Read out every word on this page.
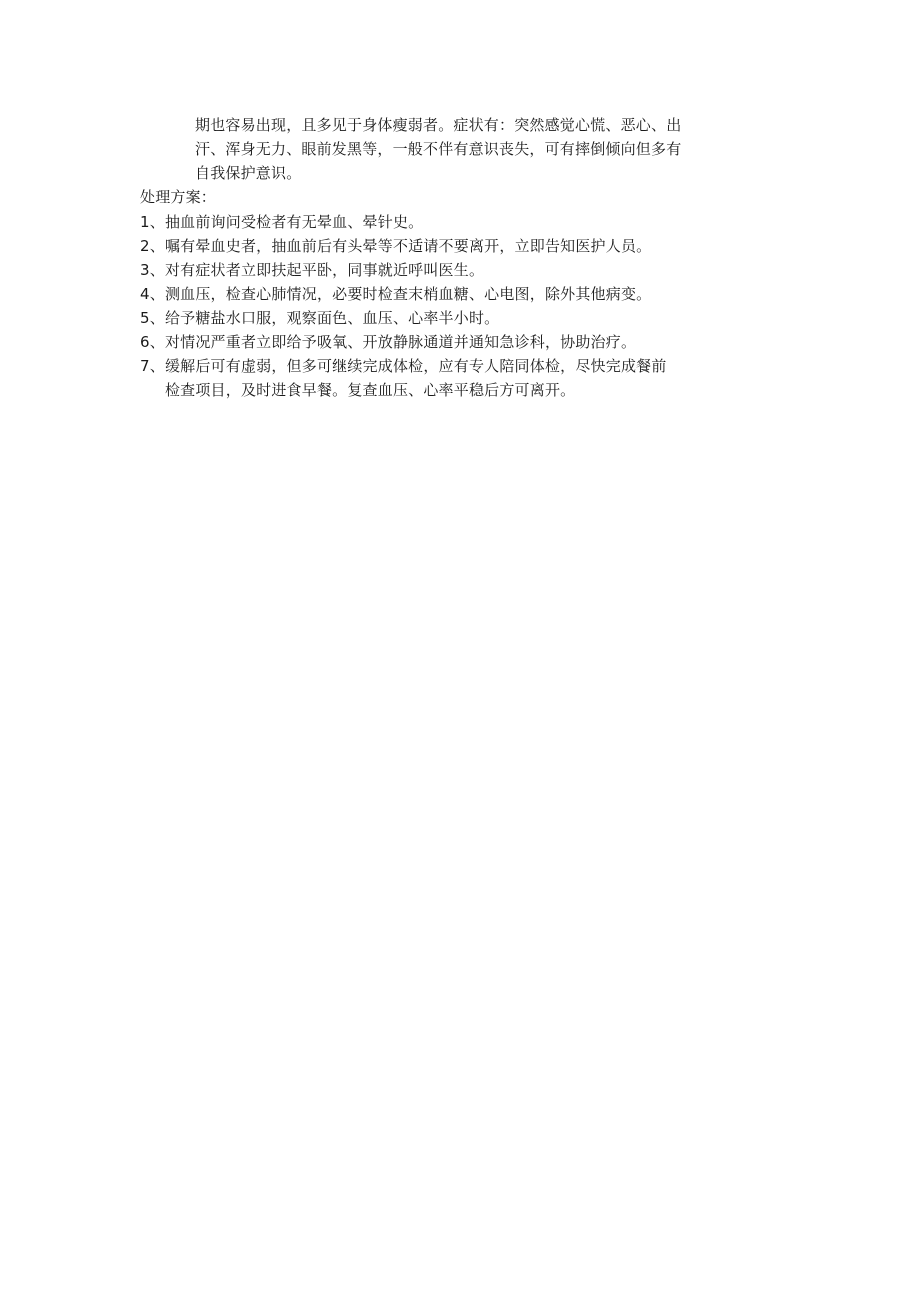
期也容易出现，且多见于身体瘦弱者。症状有：突然感觉心慌、恶心、出
汗、浑身无力、眼前发黑等，一般不伴有意识丧失，可有摔倒倾向但多有
自我保护意识。
处理方案：
1、 抽血前询问受检者有无晕血、晕针史。
2、 嘱有晕血史者，抽血前后有头晕等不适请不要离开，立即告知医护人员。
3、 对有症状者立即扶起平卧，同事就近呼叫医生。
4、 测血压，检查心肺情况，必要时检查末梢血糖、心电图，除外其他病变。
5、 给予糖盐水口服，观察面色、血压、心率半小时。
6、 对情况严重者立即给予吸氧、开放静脉通道并通知急诊科，协助治疗。
7、 缓解后可有虚弱，但多可继续完成体检，应有专人陪同体检，尽快完成餐前
检查项目，及时进食早餐。复查血压、心率平稳后方可离开。
